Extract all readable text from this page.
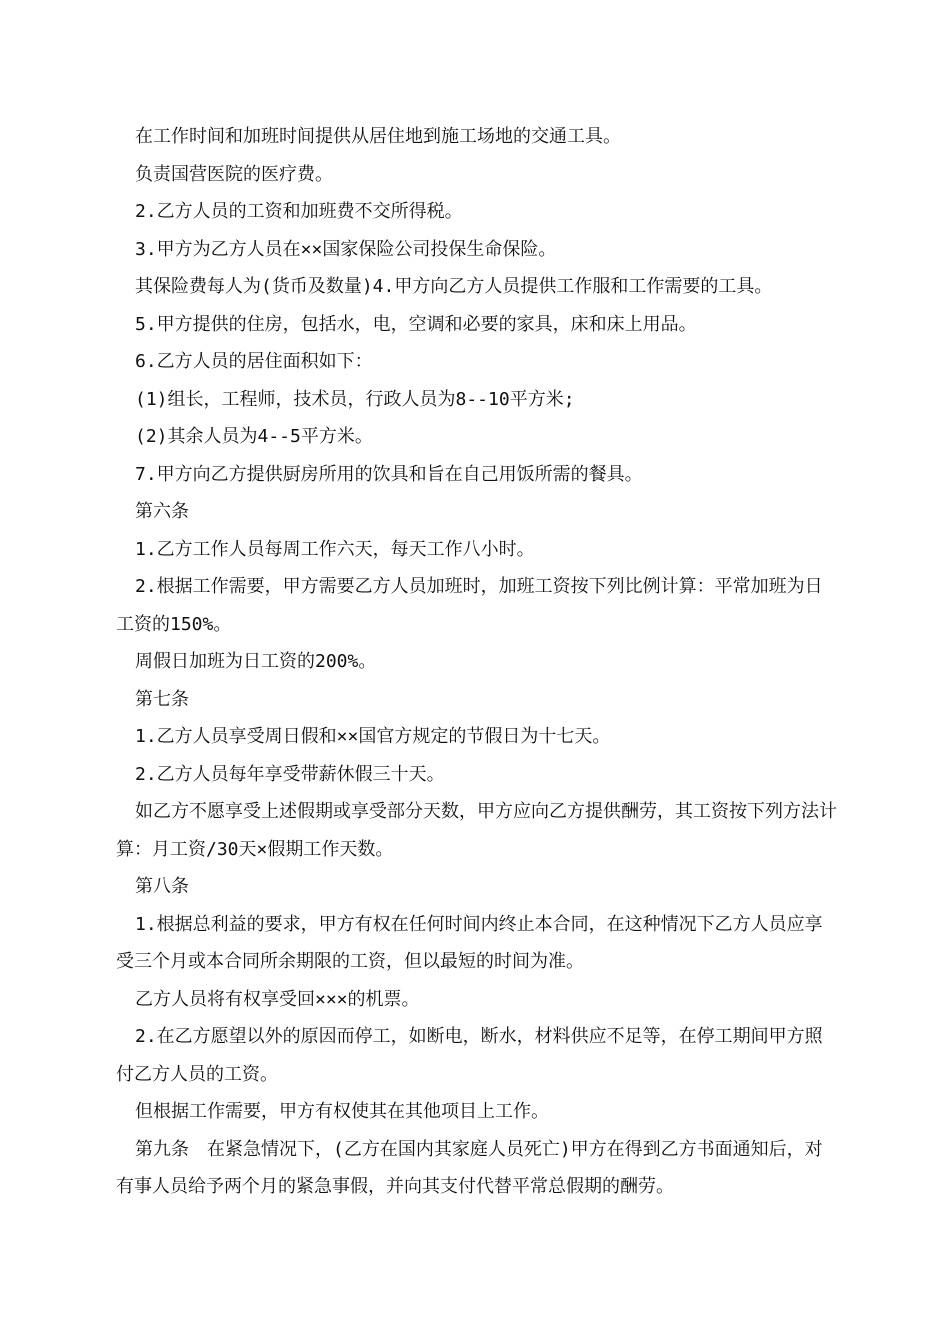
在工作时间和加班时间提供从居住地到施工场地的交通工具。

负责国营医院的医疗费。

2.乙方人员的工资和加班费不交所得税。

3.甲方为乙方人员在××国家保险公司投保生命保险。

其保险费每人为(货币及数量)4.甲方向乙方人员提供工作服和工作需要的工具。

5.甲方提供的住房，包括水，电，空调和必要的家具，床和床上用品。

6.乙方人员的居住面积如下：

(1)组长，工程师，技术员，行政人员为8--10平方米;

(2)其余人员为4--5平方米。

7.甲方向乙方提供厨房所用的饮具和旨在自己用饭所需的餐具。

第六条

1.乙方工作人员每周工作六天，每天工作八小时。

2.根据工作需要，甲方需要乙方人员加班时，加班工资按下列比例计算：平常加班为日工资的150%。

周假日加班为日工资的200%。

第七条

1.乙方人员享受周日假和××国官方规定的节假日为十七天。

2.乙方人员每年享受带薪休假三十天。

如乙方不愿享受上述假期或享受部分天数，甲方应向乙方提供酬劳，其工资按下列方法计算：月工资/30天×假期工作天数。

第八条

1.根据总利益的要求，甲方有权在任何时间内终止本合同，在这种情况下乙方人员应享受三个月或本合同所余期限的工资，但以最短的时间为准。

乙方人员将有权享受回×××的机票。

2.在乙方愿望以外的原因而停工，如断电，断水，材料供应不足等，在停工期间甲方照付乙方人员的工资。

但根据工作需要，甲方有权使其在其他项目上工作。

第九条　在紧急情况下，(乙方在国内其家庭人员死亡)甲方在得到乙方书面通知后，对有事人员给予两个月的紧急事假，并向其支付代替平常总假期的酬劳。
